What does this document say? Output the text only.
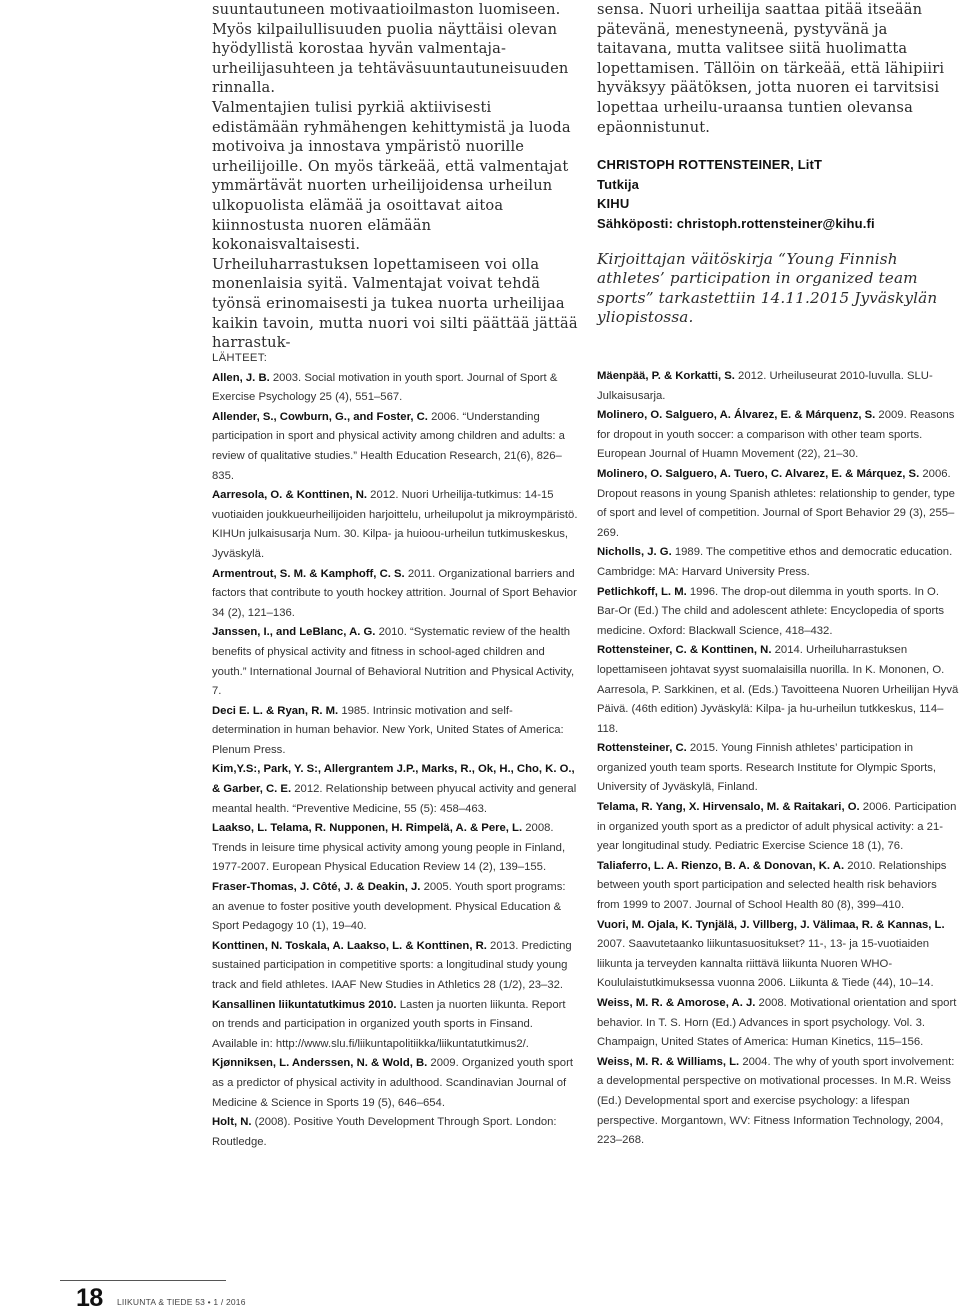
suuntautuneen motivaatioilmaston luomiseen. Myös kilpailullisuuden puolia näyttäisi olevan hyödyllistä korostaa hyvän valmentaja-urheilijasuhteen ja tehtäväsuuntautuneisuuden rinnalla.

Valmentajien tulisi pyrkiä aktiivisesti edistämään ryhmähengen kehittymistä ja luoda motivoiva ja innostava ympäristö nuorille urheilijoille. On myös tärkeää, että valmentajat ymmärtävät nuorten urheilijoidensa urheilun ulkopuolista elämää ja osoittavat aitoa kiinnostusta nuoren elämään kokonaisvaltaisesti.

Urheiluharrastuksen lopettamiseen voi olla monenlaisia syitä. Valmentajat voivat tehdä työnsä erinomaisesti ja tukea nuorta urheilijaa kaikin tavoin, mutta nuori voi silti päättää jättää harrastuk-

sensa. Nuori urheilija saattaa pitää itseään pätevänä, menestyneenä, pystyvänä ja taitavana, mutta valitsee siitä huolimatta lopettamisen. Tällöin on tärkeää, että lähipiiri hyväksyy päätöksen, jotta nuoren ei tarvitsisi lopettaa urheilu-uraansa tuntien olevansa epäonnistunut.

CHRISTOPH ROTTENSTEINER, LitT
Tutkija
KIHU
Sähköposti: christoph.rottensteiner@kihu.fi

Kirjoittajan väitöskirja “Young Finnish athletes’ participation in organized team sports” tarkastettiin 14.11.2015 Jyväskylän yliopistossa.

LÄHTEET:

Allen, J. B. 2003. Social motivation in youth sport. Journal of Sport & Exercise Psychology 25 (4), 551–567.

Allender, S., Cowburn, G., and Foster, C. 2006. “Understanding participation in sport and physical activity among children and adults: a review of qualitative studies.” Health Education Research, 21(6), 826–835.

Aarresola, O. & Konttinen, N. 2012. Nuori Urheilija-tutkimus: 14-15 vuotiaiden joukkueurheilijoiden harjoittelu, urheilupolut ja mikroympäristö. KIHUn julkaisusarja Num. 30. Kilpa- ja huioou-urheilun tutkimuskeskus, Jyväskylä.

Armentrout, S. M. & Kamphoff, C. S. 2011. Organizational barriers and factors that contribute to youth hockey attrition. Journal of Sport Behavior 34 (2), 121–136.

Janssen, I., and LeBlanc, A. G. 2010. “Systematic review of the health benefits of physical activity and fitness in school-aged children and youth.” International Journal of Behavioral Nutrition and Physical Activity, 7.

Deci E. L. & Ryan, R. M. 1985. Intrinsic motivation and self-determination in human behavior. New York, United States of America: Plenum Press.

Kim,Y.S:, Park, Y. S:, Allergrantem J.P., Marks, R., Ok, H., Cho, K. O., & Garber, C. E. 2012. Relationship between phyucal activity and general meantal health. “Preventive Medicine, 55 (5): 458–463.

Laakso, L. Telama, R. Nupponen, H. Rimpelä, A. & Pere, L. 2008. Trends in leisure time physical activity among young people in Finland, 1977-2007. European Physical Education Review 14 (2), 139–155.

Fraser-Thomas, J. Côté, J. & Deakin, J. 2005. Youth sport programs: an avenue to foster positive youth development. Physical Education & Sport Pedagogy 10 (1), 19–40.

Konttinen, N. Toskala, A. Laakso, L. & Konttinen, R. 2013. Predicting sustained participation in competitive sports: a longitudinal study young track and field athletes. IAAF New Studies in Athletics 28 (1/2), 23–32.

Kansallinen liikuntatutkimus 2010. Lasten ja nuorten liikunta. Report on trends and participation in organized youth sports in Finsand. Available in: http://www.slu.fi/liikuntapolitiikka/liikuntatutkimus2/.

Kjønniksen, L. Anderssen, N. & Wold, B. 2009. Organized youth sport as a predictor of physical activity in adulthood. Scandinavian Journal of Medicine & Science in Sports 19 (5), 646–654.

Holt, N. (2008). Positive Youth Development Through Sport. London: Routledge.

Mäenpää, P. & Korkatti, S. 2012. Urheiluseurat 2010-luvulla. SLU-Julkaisusarja.

Molinero, O. Salguero, A. Álvarez, E. & Márquenz, S. 2009. Reasons for dropout in youth soccer: a comparison with other team sports. European Journal of Huamn Movement (22), 21–30.

Molinero, O. Salguero, A. Tuero, C. Alvarez, E. & Márquez, S. 2006. Dropout reasons in young Spanish athletes: relationship to gender, type of sport and level of competition. Journal of Sport Behavior 29 (3), 255–269.

Nicholls, J. G. 1989. The competitive ethos and democratic education. Cambridge: MA: Harvard University Press.

Petlichkoff, L. M. 1996. The drop-out dilemma in youth sports. In O. Bar-Or (Ed.) The child and adolescent athlete: Encyclopedia of sports medicine. Oxford: Blackwall Science, 418–432.

Rottensteiner, C. & Konttinen, N. 2014. Urheiluharrastuksen lopettamiseen johtavat syyst suomalaisilla nuorilla. In K. Mononen, O. Aarresola, P. Sarkkinen, et al. (Eds.) Tavoitteena Nuoren Urheilijan Hyvä Päivä. (46th edition) Jyväskylä: Kilpa- ja hu-urheilun tutkkeskus, 114–118.

Rottensteiner, C. 2015. Young Finnish athletes’ participation in organized youth team sports. Research Institute for Olympic Sports, University of Jyväskylä, Finland.

Telama, R. Yang, X. Hirvensalo, M. & Raitakari, O. 2006. Participation in organized youth sport as a predictor of adult physical activity: a 21-year longitudinal study. Pediatric Exercise Science 18 (1), 76.

Taliaferro, L. A. Rienzo, B. A. & Donovan, K. A. 2010. Relationships between youth sport participation and selected health risk behaviors from 1999 to 2007. Journal of School Health 80 (8), 399–410.

Vuori, M. Ojala, K. Tynjälä, J. Villberg, J. Välimaa, R. & Kannas, L. 2007. Saavutetaanko liikuntasuositukset? 11-, 13- ja 15-vuotiaiden liikunta ja terveyden kannalta riittävä liikunta Nuoren WHO-Koululaistutkimuksessa vuonna 2006. Liikunta & Tiede (44), 10–14.

Weiss, M. R. & Amorose, A. J. 2008. Motivational orientation and sport behavior. In T. S. Horn (Ed.) Advances in sport psychology. Vol. 3. Champaign, United States of America: Human Kinetics, 115–156.

Weiss, M. R. & Williams, L. 2004. The why of youth sport involvement: a developmental perspective on motivational processes. In M.R. Weiss (Ed.) Developmental sport and exercise psychology: a lifespan perspective. Morgantown, WV: Fitness Information Technology, 2004, 223–268.

18 LIIKUNTA & TIEDE 53 • 1 / 2016
